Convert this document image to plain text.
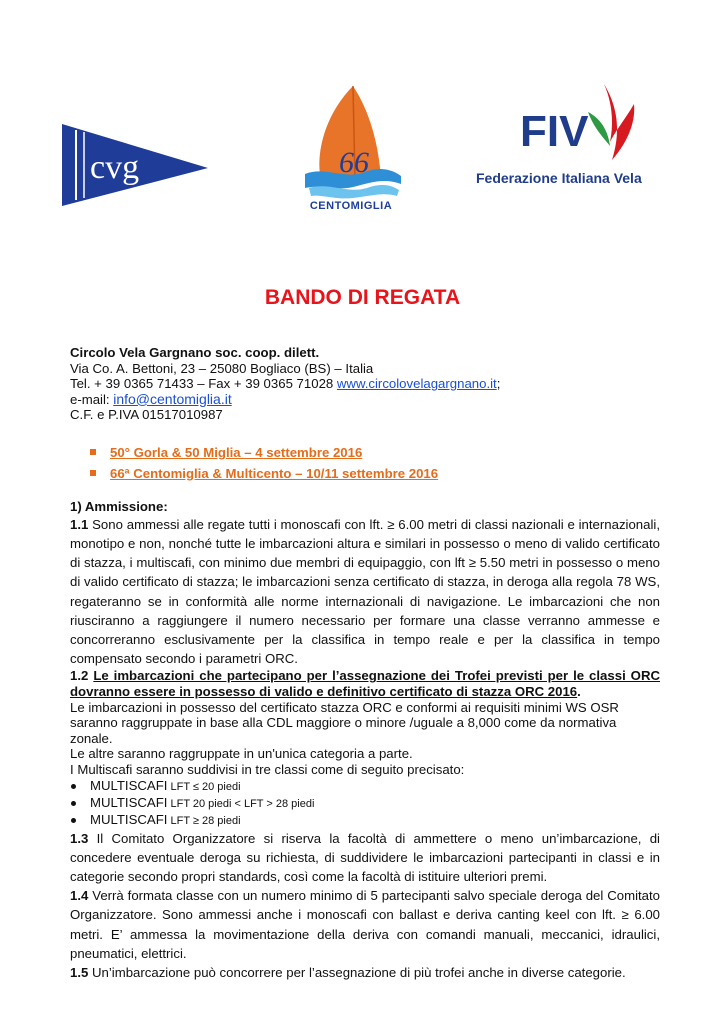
cvg	66
CENTOMIGLIA
FIV
Federazione Italiana Vela
BANDO DI REGATA

Circolo Vela Gargnano soc. coop. dilett.

Via Co. A. Bettoni, 23 – 25080 Bogliaco (BS) – Italia

Tel. + 39 0365 71433 – Fax + 39 0365 71028 www.circolovelagargnano.it;

e-mail: info@centomiglia.it

C.F. e P.IVA 01517010987

50° Gorla & 50 Miglia – 4 settembre 2016
66ª Centomiglia & Multicento – 10/11 settembre 2016

1) Ammissione:

1.1 Sono ammessi alle regate tutti i monoscafi con lft. ≥ 6.00 metri di classi nazionali e internazionali, monotipo e non, nonché tutte le imbarcazioni altura e similari in possesso o meno di valido certificato di stazza, i multiscafi, con minimo due membri di equipaggio, con lft ≥ 5.50 metri in possesso o meno di valido certificato di stazza; le imbarcazioni senza certificato di stazza, in deroga alla regola 78 WS, regateranno se in conformità alle norme internazionali di navigazione. Le imbarcazioni che non riusciranno a raggiungere il numero necessario per formare una classe verranno ammesse e concorreranno esclusivamente per la classifica in tempo reale e per la classifica in tempo compensato secondo i parametri ORC.

1.2 Le imbarcazioni che partecipano per l’assegnazione dei Trofei previsti per le classi ORC dovranno essere in possesso di valido e definitivo certificato di stazza ORC 2016.

Le imbarcazioni in possesso del certificato stazza ORC e conformi ai requisiti minimi WS OSR saranno raggruppate in base alla CDL maggiore o minore /uguale a 8,000 come da normativa zonale.

Le altre saranno raggruppate in un'unica categoria a parte.

I Multiscafi saranno suddivisi in tre classi come di seguito precisato:

MULTISCAFI LFT ≤ 20 piedi
MULTISCAFI LFT 20 piedi < LFT > 28 piedi
MULTISCAFI LFT ≥ 28 piedi

1.3 Il Comitato Organizzatore si riserva la facoltà di ammettere o meno un’imbarcazione, di concedere eventuale deroga su richiesta, di suddividere le imbarcazioni partecipanti in classi e in categorie secondo propri standards, così come la facoltà di istituire ulteriori premi.

1.4 Verrà formata classe con un numero minimo di 5 partecipanti salvo speciale deroga del Comitato Organizzatore. Sono ammessi anche i monoscafi con ballast e deriva canting keel con lft. ≥ 6.00 metri. E’ ammessa la movimentazione della deriva con comandi manuali, meccanici, idraulici, pneumatici, elettrici.

1.5 Un’imbarcazione può concorrere per l’assegnazione di più trofei anche in diverse categorie.
